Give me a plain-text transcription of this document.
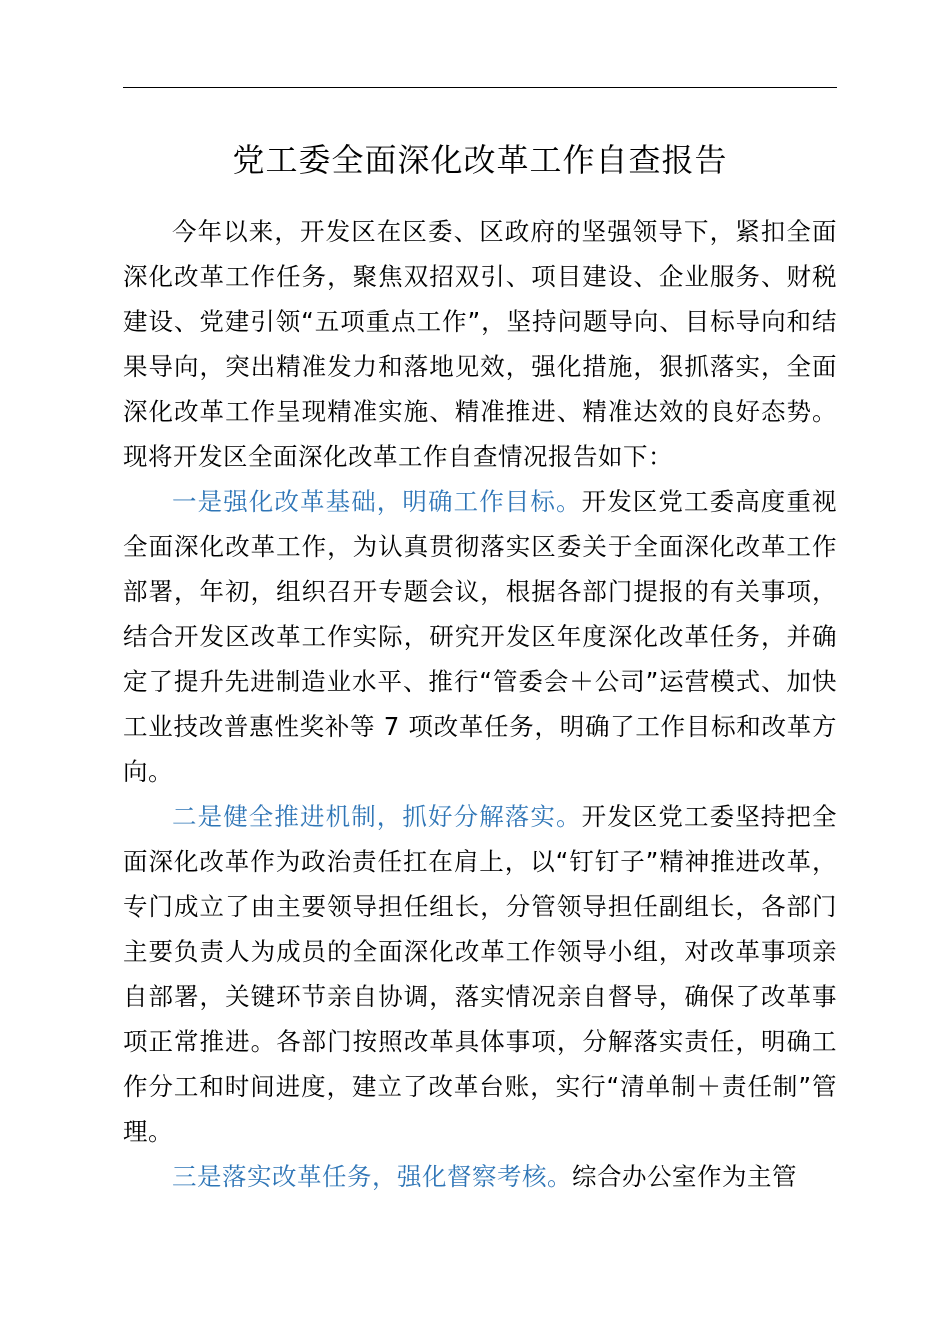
党工委全面深化改革工作自查报告

今年以来，开发区在区委、区政府的坚强领导下，紧扣全面深化改革工作任务，聚焦双招双引、项目建设、企业服务、财税建设、党建引领“五项重点工作”，坚持问题导向、目标导向和结果导向，突出精准发力和落地见效，强化措施，狠抓落实，全面深化改革工作呈现精准实施、精准推进、精准达效的良好态势。现将开发区全面深化改革工作自查情况报告如下：

一是强化改革基础，明确工作目标。开发区党工委高度重视全面深化改革工作，为认真贯彻落实区委关于全面深化改革工作部署，年初，组织召开专题会议，根据各部门提报的有关事项，结合开发区改革工作实际，研究开发区年度深化改革任务，并确定了提升先进制造业水平、推行“管委会＋公司”运营模式、加快工业技改普惠性奖补等 7 项改革任务，明确了工作目标和改革方向。

二是健全推进机制，抓好分解落实。开发区党工委坚持把全面深化改革作为政治责任扛在肩上，以“钉钉子”精神推进改革，专门成立了由主要领导担任组长，分管领导担任副组长，各部门主要负责人为成员的全面深化改革工作领导小组，对改革事项亲自部署，关键环节亲自协调，落实情况亲自督导，确保了改革事项正常推进。各部门按照改革具体事项，分解落实责任，明确工作分工和时间进度，建立了改革台账，实行“清单制＋责任制”管理。

三是落实改革任务，强化督察考核。综合办公室作为主管
